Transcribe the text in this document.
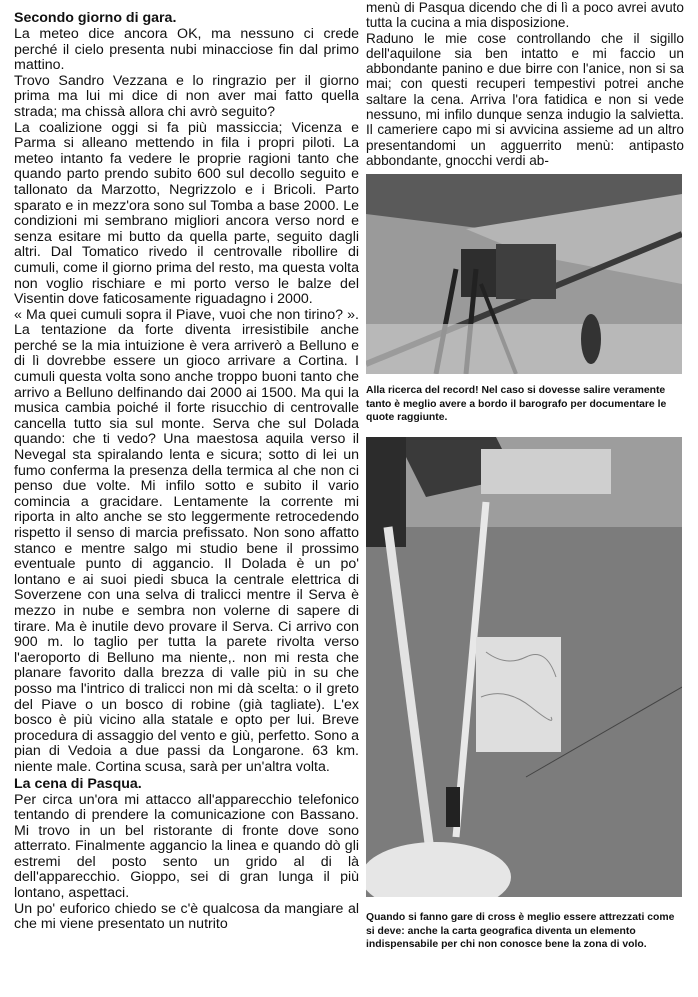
Secondo giorno di gara.

La meteo dice ancora OK, ma nessuno ci crede perché il cielo presenta nubi minacciose fin dal primo mattino.

Trovo Sandro Vezzana e lo ringrazio per il giorno prima ma lui mi dice di non aver mai fatto quella strada; ma chissà allora chi avrò seguito?

La coalizione oggi si fa più massiccia; Vicenza e Parma si alleano mettendo in fila i propri piloti. La meteo intanto fa vedere le proprie ragioni tanto che quando parto prendo subito 600 sul decollo seguito e tallonato da Marzotto, Negrizzolo e i Bricoli. Parto sparato e in mezz'ora sono sul Tomba a base 2000. Le condizioni mi sembrano migliori ancora verso nord e senza esitare mi butto da quella parte, seguito dagli altri. Dal Tomatico rivedo il centrovalle ribollire di cumuli, come il giorno prima del resto, ma questa volta non voglio rischiare e mi porto verso le balze del Visentin dove faticosamente riguadagno i 2000.

« Ma quei cumuli sopra il Piave, vuoi che non tirino? ». La tentazione da forte diventa irresistibile anche perché se la mia intuizione è vera arriverò a Belluno e di lì dovrebbe essere un gioco arrivare a Cortina. I cumuli questa volta sono anche troppo buoni tanto che arrivo a Belluno delfinando dai 2000 ai 1500. Ma qui la musica cambia poiché il forte risucchio di centrovalle cancella tutto sia sul monte. Serva che sul Dolada quando: che ti vedo? Una maestosa aquila verso il Nevegal sta spiralando lenta e sicura; sotto di lei un fumo conferma la presenza della termica al che non ci penso due volte. Mi infilo sotto e subito il vario comincia a gracidare. Lentamente la corrente mi riporta in alto anche se sto leggermente retrocedendo rispetto il senso di marcia prefissato. Non sono affatto stanco e mentre salgo mi studio bene il prossimo eventuale punto di aggancio. Il Dolada è un po' lontano e ai suoi piedi sbuca la centrale elettrica di Soverzene con una selva di tralicci mentre il Serva è mezzo in nube e sembra non volerne di sapere di tirare. Ma è inutile devo provare il Serva. Ci arrivo con 900 m. lo taglio per tutta la parete rivolta verso l'aeroporto di Belluno ma niente,. non mi resta che planare favorito dalla brezza di valle più in su che posso ma l'intrico di tralicci non mi dà scelta: o il greto del Piave o un bosco di robine (già tagliate). L'ex bosco è più vicino alla statale e opto per lui. Breve procedura di assaggio del vento e giù, perfetto. Sono a pian di Vedoia a due passi da Longarone. 63 km. niente male. Cortina scusa, sarà per un'altra volta.

La cena di Pasqua.

Per circa un'ora mi attacco all'apparecchio telefonico tentando di prendere la comunicazione con Bassano. Mi trovo in un bel ristorante di fronte dove sono atterrato. Finalmente aggancio la linea e quando dò gli estremi del posto sento un grido al di là dell'apparecchio. Gioppo, sei di gran lunga il più lontano, aspettaci.

Un po' euforico chiedo se c'è qualcosa da mangiare al che mi viene presentato un nutrito

menù di Pasqua dicendo che di lì a poco avrei avuto tutta la cucina a mia disposizione.

Raduno le mie cose controllando che il sigillo dell'aquilone sia ben intatto e mi faccio un abbondante panino e due birre con l'anice, non si sa mai; con questi recuperi tempestivi potrei anche saltare la cena. Arriva l'ora fatidica e non si vede nessuno, mi infilo dunque senza indugio la salvietta. Il cameriere capo mi si avvicina assieme ad un altro presentandomi un agguerrito menù: antipasto abbondante, gnocchi verdi ab-

Alla ricerca del record! Nel caso si dovesse salire veramente tanto è meglio avere a bordo il barografo per documentare le quote raggiunte.

Quando si fanno gare di cross è meglio essere attrezzati come si deve: anche la carta geografica diventa un elemento indispensabile per chi non conosce bene la zona di volo.
